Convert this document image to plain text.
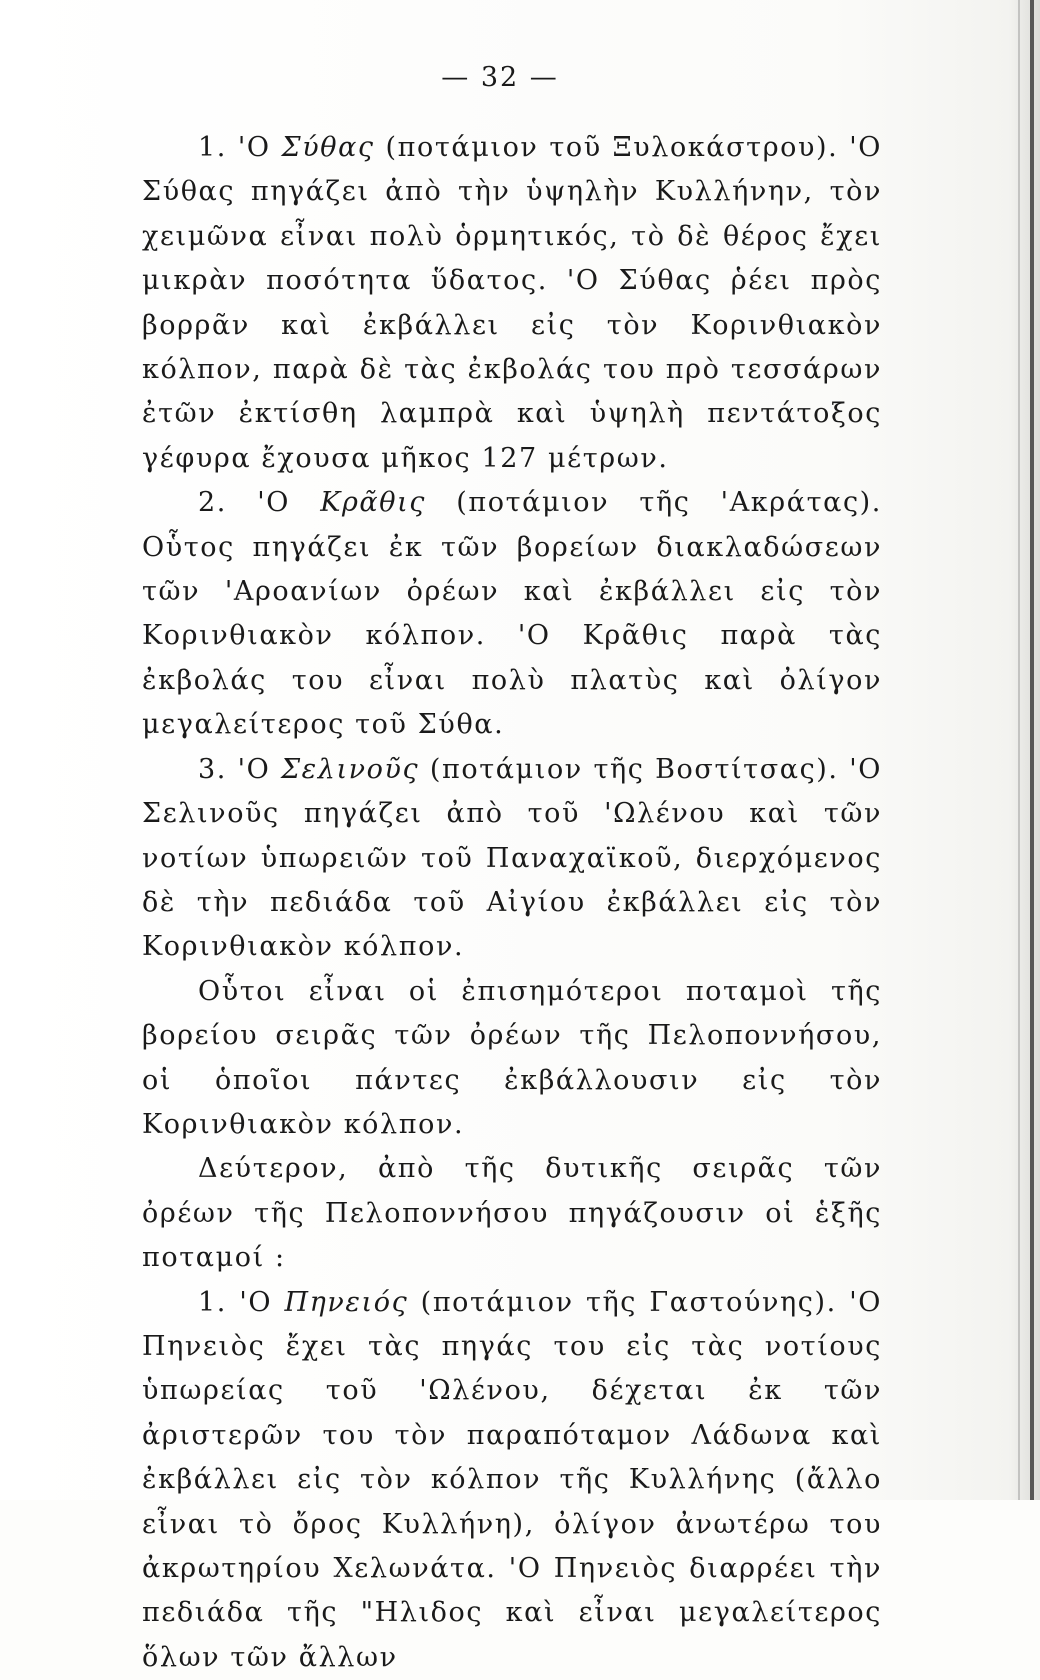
— 32 —

1. 'Ο Σύθας (ποτάμιον τοῦ Ξυλοκάστρου). 'Ο Σύθας πηγάζει ἀπὸ τὴν ὑψηλὴν Κυλλήνην, τὸν χειμῶνα εἶναι πολὺ ὁρμητικός, τὸ δὲ θέρος ἔχει μικρὰν ποσότητα ὕδατος. 'Ο Σύθας ῥέει πρὸς βορρᾶν καὶ ἐκβάλλει εἰς τὸν Κορινθιακὸν κόλπον, παρὰ δὲ τὰς ἐκβολάς του πρὸ τεσσάρων ἐτῶν ἐκτίσθη λαμπρὰ καὶ ὑψηλὴ πεντάτοξος γέφυρα ἔχουσα μῆκος 127 μέτρων.

2. 'Ο Κρᾶθις (ποτάμιον τῆς 'Ακράτας). Οὗτος πηγάζει ἐκ τῶν βορείων διακλαδώσεων τῶν 'Αροανίων ὀρέων καὶ ἐκβάλλει εἰς τὸν Κορινθιακὸν κόλπον. 'Ο Κρᾶθις παρὰ τὰς ἐκβολάς του εἶναι πολὺ πλατὺς καὶ ὀλίγον μεγαλείτερος τοῦ Σύθα.

3. 'Ο Σελινοῦς (ποτάμιον τῆς Βοστίτσας). 'Ο Σελινοῦς πηγάζει ἀπὸ τοῦ 'Ωλένου καὶ τῶν νοτίων ὑπωρειῶν τοῦ Παναχαϊκοῦ, διερχόμενος δὲ τὴν πεδιάδα τοῦ Αἰγίου ἐκβάλλει εἰς τὸν Κορινθιακὸν κόλπον.

Οὗτοι εἶναι οἱ ἐπισημότεροι ποταμοὶ τῆς βορείου σειρᾶς τῶν ὀρέων τῆς Πελοποννήσου, οἱ ὁποῖοι πάντες ἐκβάλλουσιν εἰς τὸν Κορινθιακὸν κόλπον.

Δεύτερον, ἀπὸ τῆς δυτικῆς σειρᾶς τῶν ὀρέων τῆς Πελοποννήσου πηγάζουσιν οἱ ἑξῆς ποταμοί :

1. 'Ο Πηνειός (ποτάμιον τῆς Γαστούνης). 'Ο Πηνειὸς ἔχει τὰς πηγάς του εἰς τὰς νοτίους ὑπωρείας τοῦ 'Ωλένου, δέχεται ἐκ τῶν ἀριστερῶν του τὸν παραπόταμον Λάδωνα καὶ ἐκβάλλει εἰς τὸν κόλπον τῆς Κυλλήνης (ἄλλο εἶναι τὸ ὄρος Κυλλήνη), ὀλίγον ἀνωτέρω του ἀκρωτηρίου Χελωνάτα. 'Ο Πηνειὸς διαρρέει τὴν πεδιάδα τῆς "Ηλιδος καὶ εἶναι μεγαλείτερος ὅλων τῶν ἄλλων
